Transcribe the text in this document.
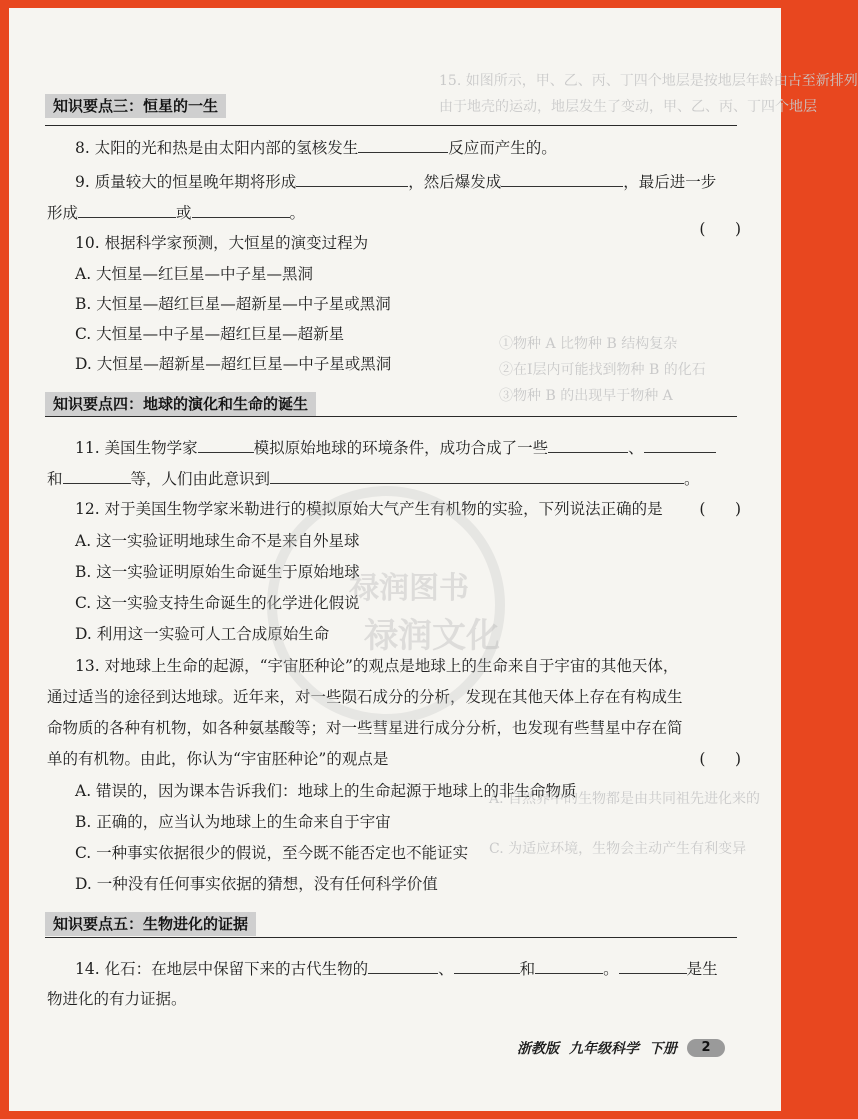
15. 如图所示，甲、乙、丙、丁四个地层是按地层年龄由古至新排列
由于地壳的运动，地层发生了变动，甲、乙、丙、丁四个地层
①物种 A 比物种 B 结构复杂
②在Ⅰ层内可能找到物种 B 的化石
③物种 B 的出现早于物种 A
A. 自然界中的生物都是由共同祖先进化来的
C. 为适应环境，生物会主动产生有利变异
知识要点三：恒星的一生
8. 太阳的光和热是由太阳内部的氢核发生	反应而产生的。
9. 质量较大的恒星晚年期将形成	，然后爆发成	，最后进一步
形成	或	。
10. 根据科学家预测，大恒星的演变过程为
(      )
A. 大恒星—红巨星—中子星—黑洞
B. 大恒星—超红巨星—超新星—中子星或黑洞
C. 大恒星—中子星—超红巨星—超新星
D. 大恒星—超新星—超红巨星—中子星或黑洞
知识要点四：地球的演化和生命的诞生
11. 美国生物学家	模拟原始地球的环境条件，成功合成了一些	、
和	等，人们由此意识到	。
12. 对于美国生物学家米勒进行的模拟原始大气产生有机物的实验，下列说法正确的是 (      )
A. 这一实验证明地球生命不是来自外星球
B. 这一实验证明原始生命诞生于原始地球
C. 这一实验支持生命诞生的化学进化假说
D. 利用这一实验可人工合成原始生命
13. 对地球上生命的起源，“宇宙胚种论”的观点是地球上的生命来自于宇宙的其他天体，
通过适当的途径到达地球。近年来，对一些陨石成分的分析，发现在其他天体上存在有构成生
命物质的各种有机物，如各种氨基酸等；对一些彗星进行成分分析，也发现有些彗星中存在简
单的有机物。由此，你认为“宇宙胚种论”的观点是	(      )
A. 错误的，因为课本告诉我们：地球上的生命起源于地球上的非生命物质
B. 正确的，应当认为地球上的生命来自于宇宙
C. 一种事实依据很少的假说，至今既不能否定也不能证实
D. 一种没有任何事实依据的猜想，没有任何科学价值
知识要点五：生物进化的证据
14. 化石：在地层中保留下来的古代生物的	、	和	。	是生
物进化的有力证据。
禄润图书
禄润文化
浙教版 九年级科学 下册	2
